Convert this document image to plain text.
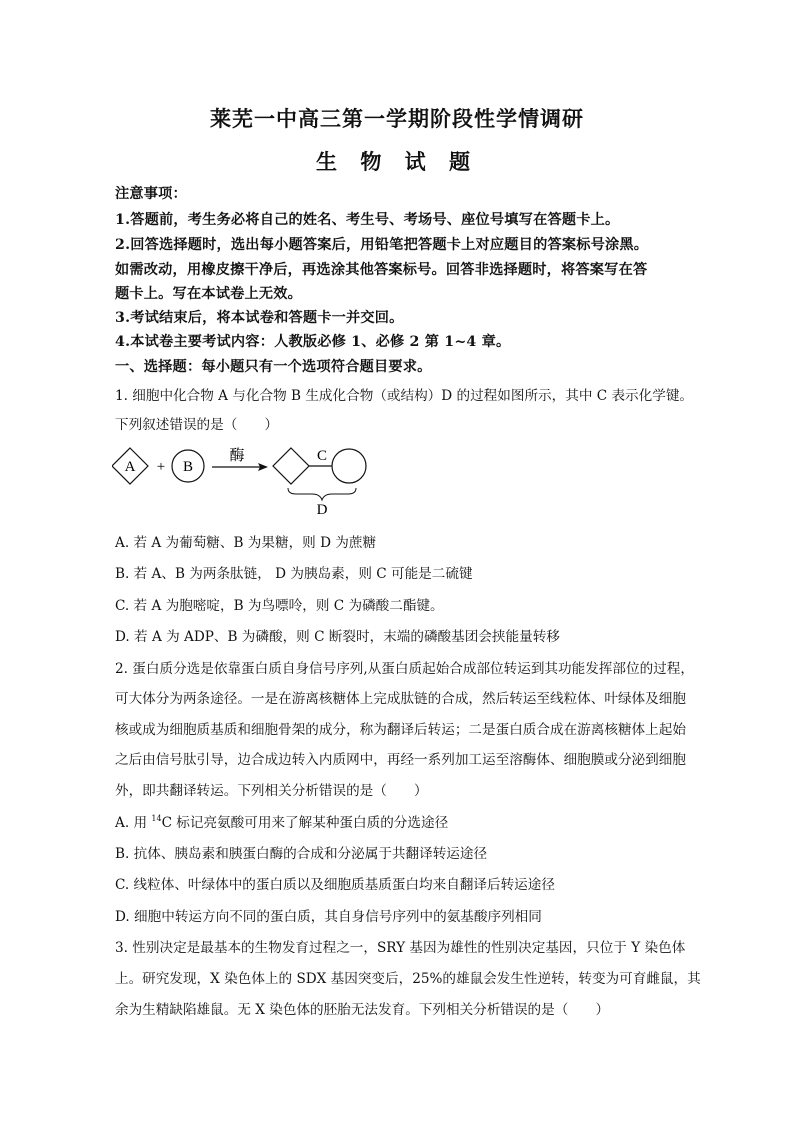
莱芜一中高三第一学期阶段性学情调研
生 物 试 题
注意事项：
1.答题前，考生务必将自己的姓名、考生号、考场号、座位号填写在答题卡上。
2.回答选择题时，选出每小题答案后，用铅笔把答题卡上对应题目的答案标号涂黑。
如需改动，用橡皮擦干净后，再选涂其他答案标号。回答非选择题时，将答案写在答
题卡上。写在本试卷上无效。
3.考试结束后，将本试卷和答题卡一并交回。
4.本试卷主要考试内容：人教版必修 1、必修 2 第 1~4 章。
一、选择题：每小题只有一个选项符合题目要求。
1. 细胞中化合物 A 与化合物 B 生成化合物（或结构）D 的过程如图所示，其中 C 表示化学键。
下列叙述错误的是（　　）
A + B
酶	C
D
A. 若 A 为葡萄糖、B 为果糖，则 D 为蔗糖
B. 若 A、B 为两条肽链， D 为胰岛素，则 C 可能是二硫键
C. 若 A 为胞嘧啶，B 为鸟嘌呤，则 C 为磷酸二酯键。
D. 若 A 为 ADP、B 为磷酸，则 C 断裂时，末端的磷酸基团会挟能量转移
2. 蛋白质分选是依靠蛋白质自身信号序列,从蛋白质起始合成部位转运到其功能发挥部位的过程，
可大体分为两条途径。一是在游离核糖体上完成肽链的合成，然后转运至线粒体、叶绿体及细胞
核或成为细胞质基质和细胞骨架的成分，称为翻译后转运；二是蛋白质合成在游离核糖体上起始
之后由信号肽引导，边合成边转入内质网中，再经一系列加工运至溶酶体、细胞膜或分泌到细胞
外，即共翻译转运。下列相关分析错误的是（　　）
A. 用 $^{14}$C 标记亮氨酸可用来了解某种蛋白质的分选途径
B. 抗体、胰岛素和胰蛋白酶的合成和分泌属于共翻译转运途径
C. 线粒体、叶绿体中的蛋白质以及细胞质基质蛋白均来自翻译后转运途径
D. 细胞中转运方向不同的蛋白质，其自身信号序列中的氨基酸序列相同
3. 性别决定是最基本的生物发育过程之一，SRY 基因为雄性的性别决定基因，只位于 Y 染色体
上。研究发现，X 染色体上的 SDX 基因突变后，25%的雄鼠会发生性逆转，转变为可育雌鼠，其
余为生精缺陷雄鼠。无 X 染色体的胚胎无法发育。下列相关分析错误的是（　　）
